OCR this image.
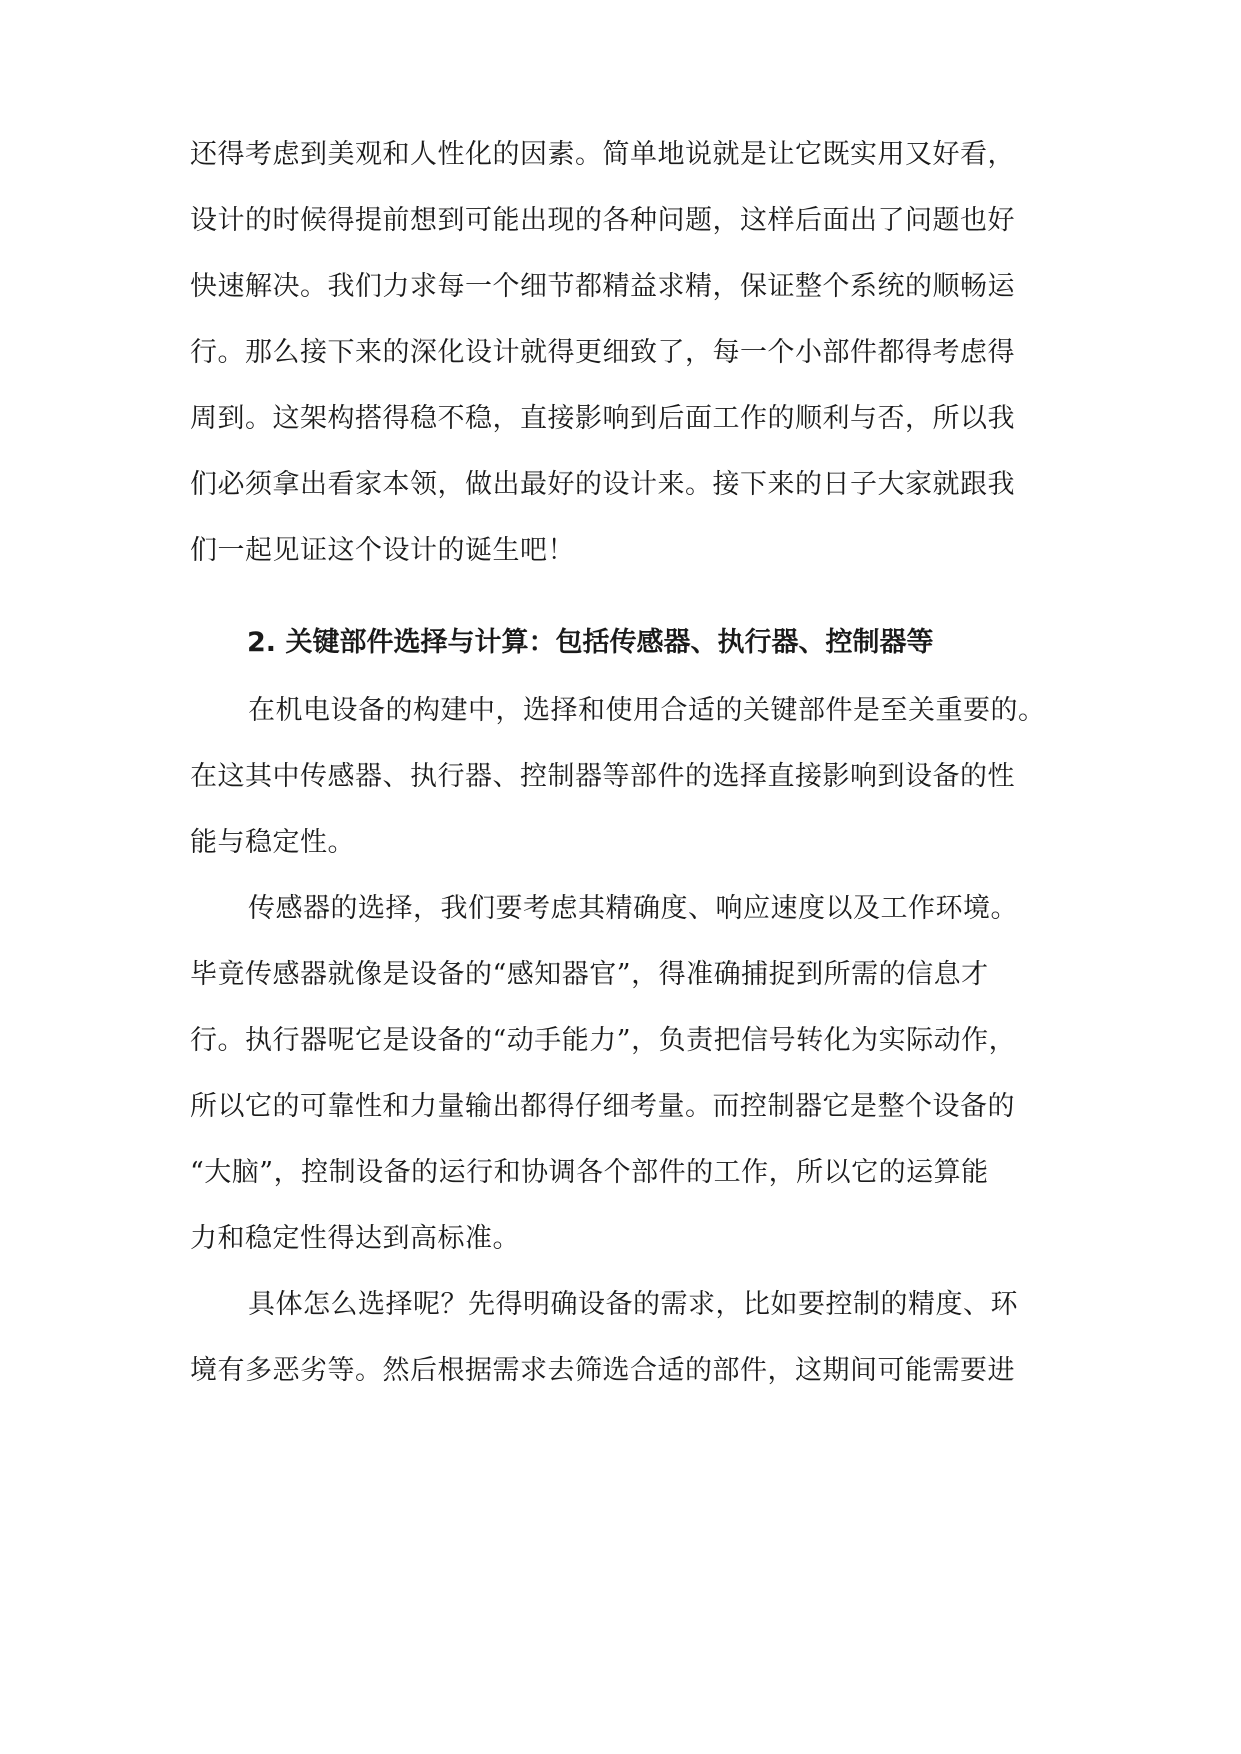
还得考虑到美观和人性化的因素。简单地说就是让它既实用又好看，
设计的时候得提前想到可能出现的各种问题，这样后面出了问题也好
快速解决。我们力求每一个细节都精益求精，保证整个系统的顺畅运
行。那么接下来的深化设计就得更细致了，每一个小部件都得考虑得
周到。这架构搭得稳不稳，直接影响到后面工作的顺利与否，所以我
们必须拿出看家本领，做出最好的设计来。接下来的日子大家就跟我
们一起见证这个设计的诞生吧！
2. 关键部件选择与计算：包括传感器、执行器、控制器等
在机电设备的构建中，选择和使用合适的关键部件是至关重要的。
在这其中传感器、执行器、控制器等部件的选择直接影响到设备的性
能与稳定性。
传感器的选择，我们要考虑其精确度、响应速度以及工作环境。
毕竟传感器就像是设备的“感知器官”，得准确捕捉到所需的信息才
行。执行器呢它是设备的“动手能力”，负责把信号转化为实际动作，
所以它的可靠性和力量输出都得仔细考量。而控制器它是整个设备的
“大脑”，控制设备的运行和协调各个部件的工作，所以它的运算能
力和稳定性得达到高标准。
具体怎么选择呢？先得明确设备的需求，比如要控制的精度、环
境有多恶劣等。然后根据需求去筛选合适的部件，这期间可能需要进
